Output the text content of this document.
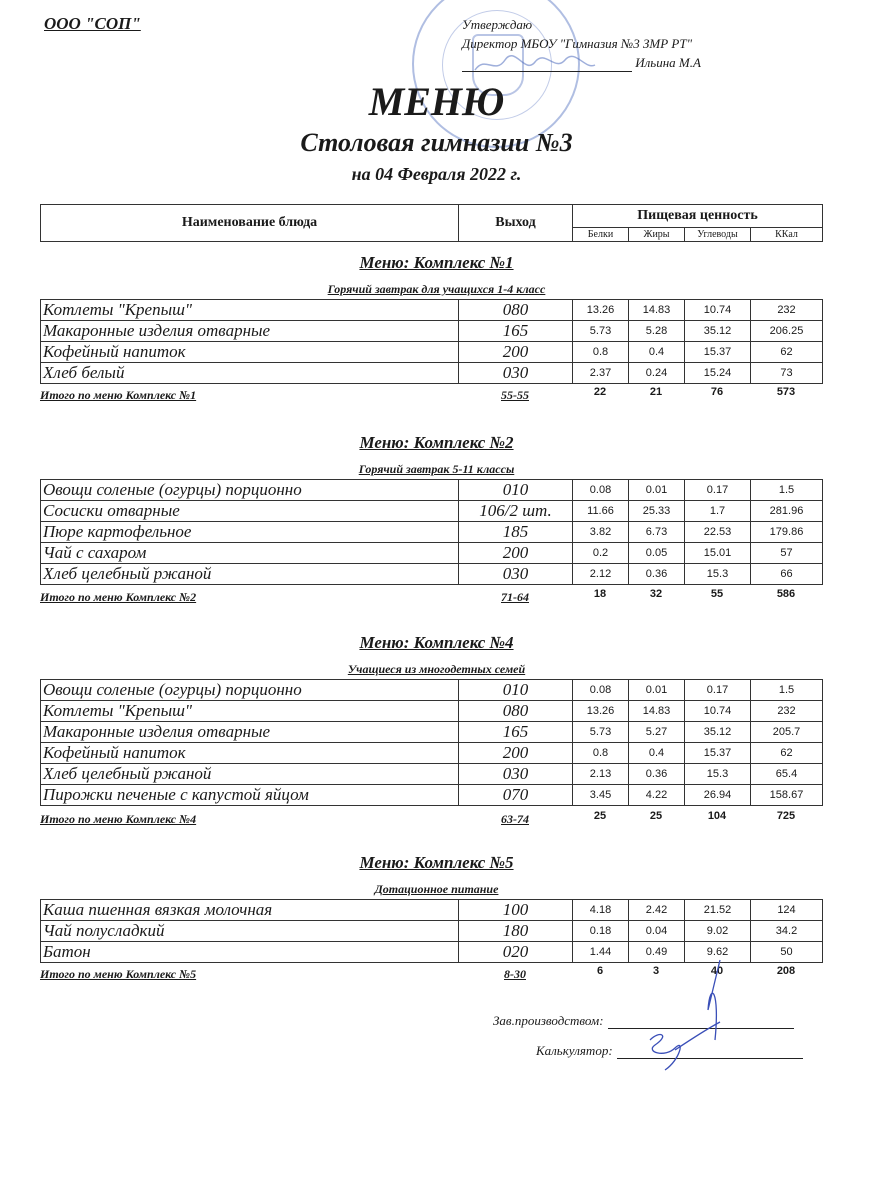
ООО "СОП"	Утверждаю
Директор МБОУ "Гимназия №3 ЗМР РТ"
Ильина М.А
МЕНЮ
Столовая гимназии №3
на 04 Февраля 2022 г.
Наименование блюда	Выход	Пищевая ценность			
		Белки	Жиры	Углеводы	ККал
Меню: Комплекс №1
Горячий завтрак для учащихся 1-4 класс
Котлеты "Крепыш"	080	13.26	14.83	10.74	232
Макаронные изделия отварные	165	5.73	5.28	35.12	206.25
Кофейный напиток	200	0.8	0.4	15.37	62
Хлеб белый	030	2.37	0.24	15.24	73
Итого по меню Комплекс №1	55-55	22	21	76	573
Меню: Комплекс №2
Горячий завтрак 5-11 классы
Овощи соленые (огурцы) порционно	010	0.08	0.01	0.17	1.5
Сосиски отварные	106/2 шт.	11.66	25.33	1.7	281.96
Пюре картофельное	185	3.82	6.73	22.53	179.86
Чай с сахаром	200	0.2	0.05	15.01	57
Хлеб целебный ржаной	030	2.12	0.36	15.3	66
Итого по меню Комплекс №2	71-64	18	32	55	586
Меню: Комплекс №4
Учащиеся из многодетных семей
Овощи соленые (огурцы) порционно	010	0.08	0.01	0.17	1.5
Котлеты "Крепыш"	080	13.26	14.83	10.74	232
Макаронные изделия отварные	165	5.73	5.27	35.12	205.7
Кофейный напиток	200	0.8	0.4	15.37	62
Хлеб целебный ржаной	030	2.13	0.36	15.3	65.4
Пирожки печеные с капустой яйцом	070	3.45	4.22	26.94	158.67
Итого по меню Комплекс №4	63-74	25	25	104	725
Меню: Комплекс №5
Дотационное питание
Каша пшенная вязкая молочная	100	4.18	2.42	21.52	124
Чай полусладкий	180	0.18	0.04	9.02	34.2
Батон	020	1.44	0.49	9.62	50
Итого по меню Комплекс №5	8-30	6	3	40	208
Зав.производством:
Калькулятор:
